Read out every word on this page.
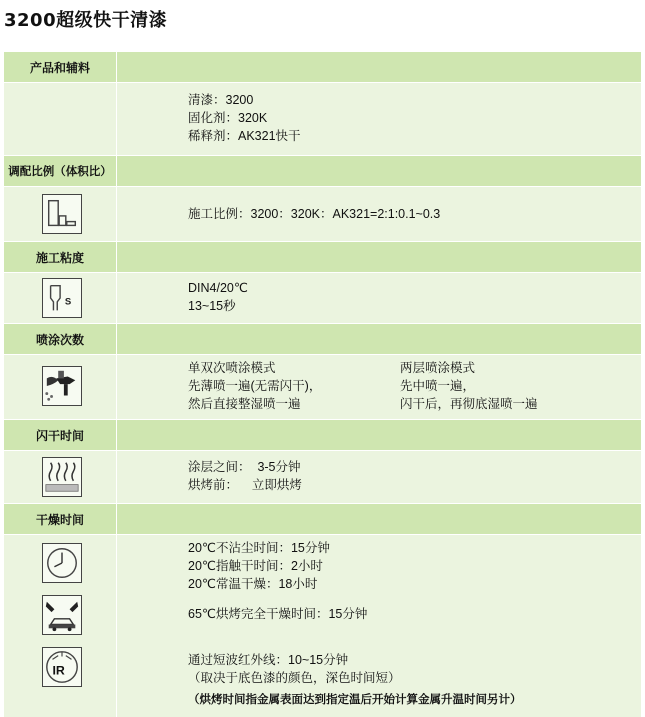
3200超级快干清漆
产品和辅料
清漆：3200
固化剂：320K
稀释剂：AK321快干
调配比例（体积比）
施工比例：3200：320K：AK321=2:1:0.1~0.3
施工粘度
S
DIN4/20℃
13~15秒
喷涂次数
单双次喷涂模式
先薄喷一遍(无需闪干)，
然后直接整湿喷一遍
两层喷涂模式
先中喷一遍，
闪干后，再彻底湿喷一遍
闪干时间
涂层之间：  3-5分钟
烘烤前：    立即烘烤
干燥时间
IR
20℃不沾尘时间：15分钟
20℃指触干时间：2小时
20℃常温干燥：18小时
65℃烘烤完全干燥时间：15分钟
通过短波红外线：10~15分钟
（取决于底色漆的颜色，深色时间短）
（烘烤时间指金属表面达到指定温后开始计算金属升温时间另计）
